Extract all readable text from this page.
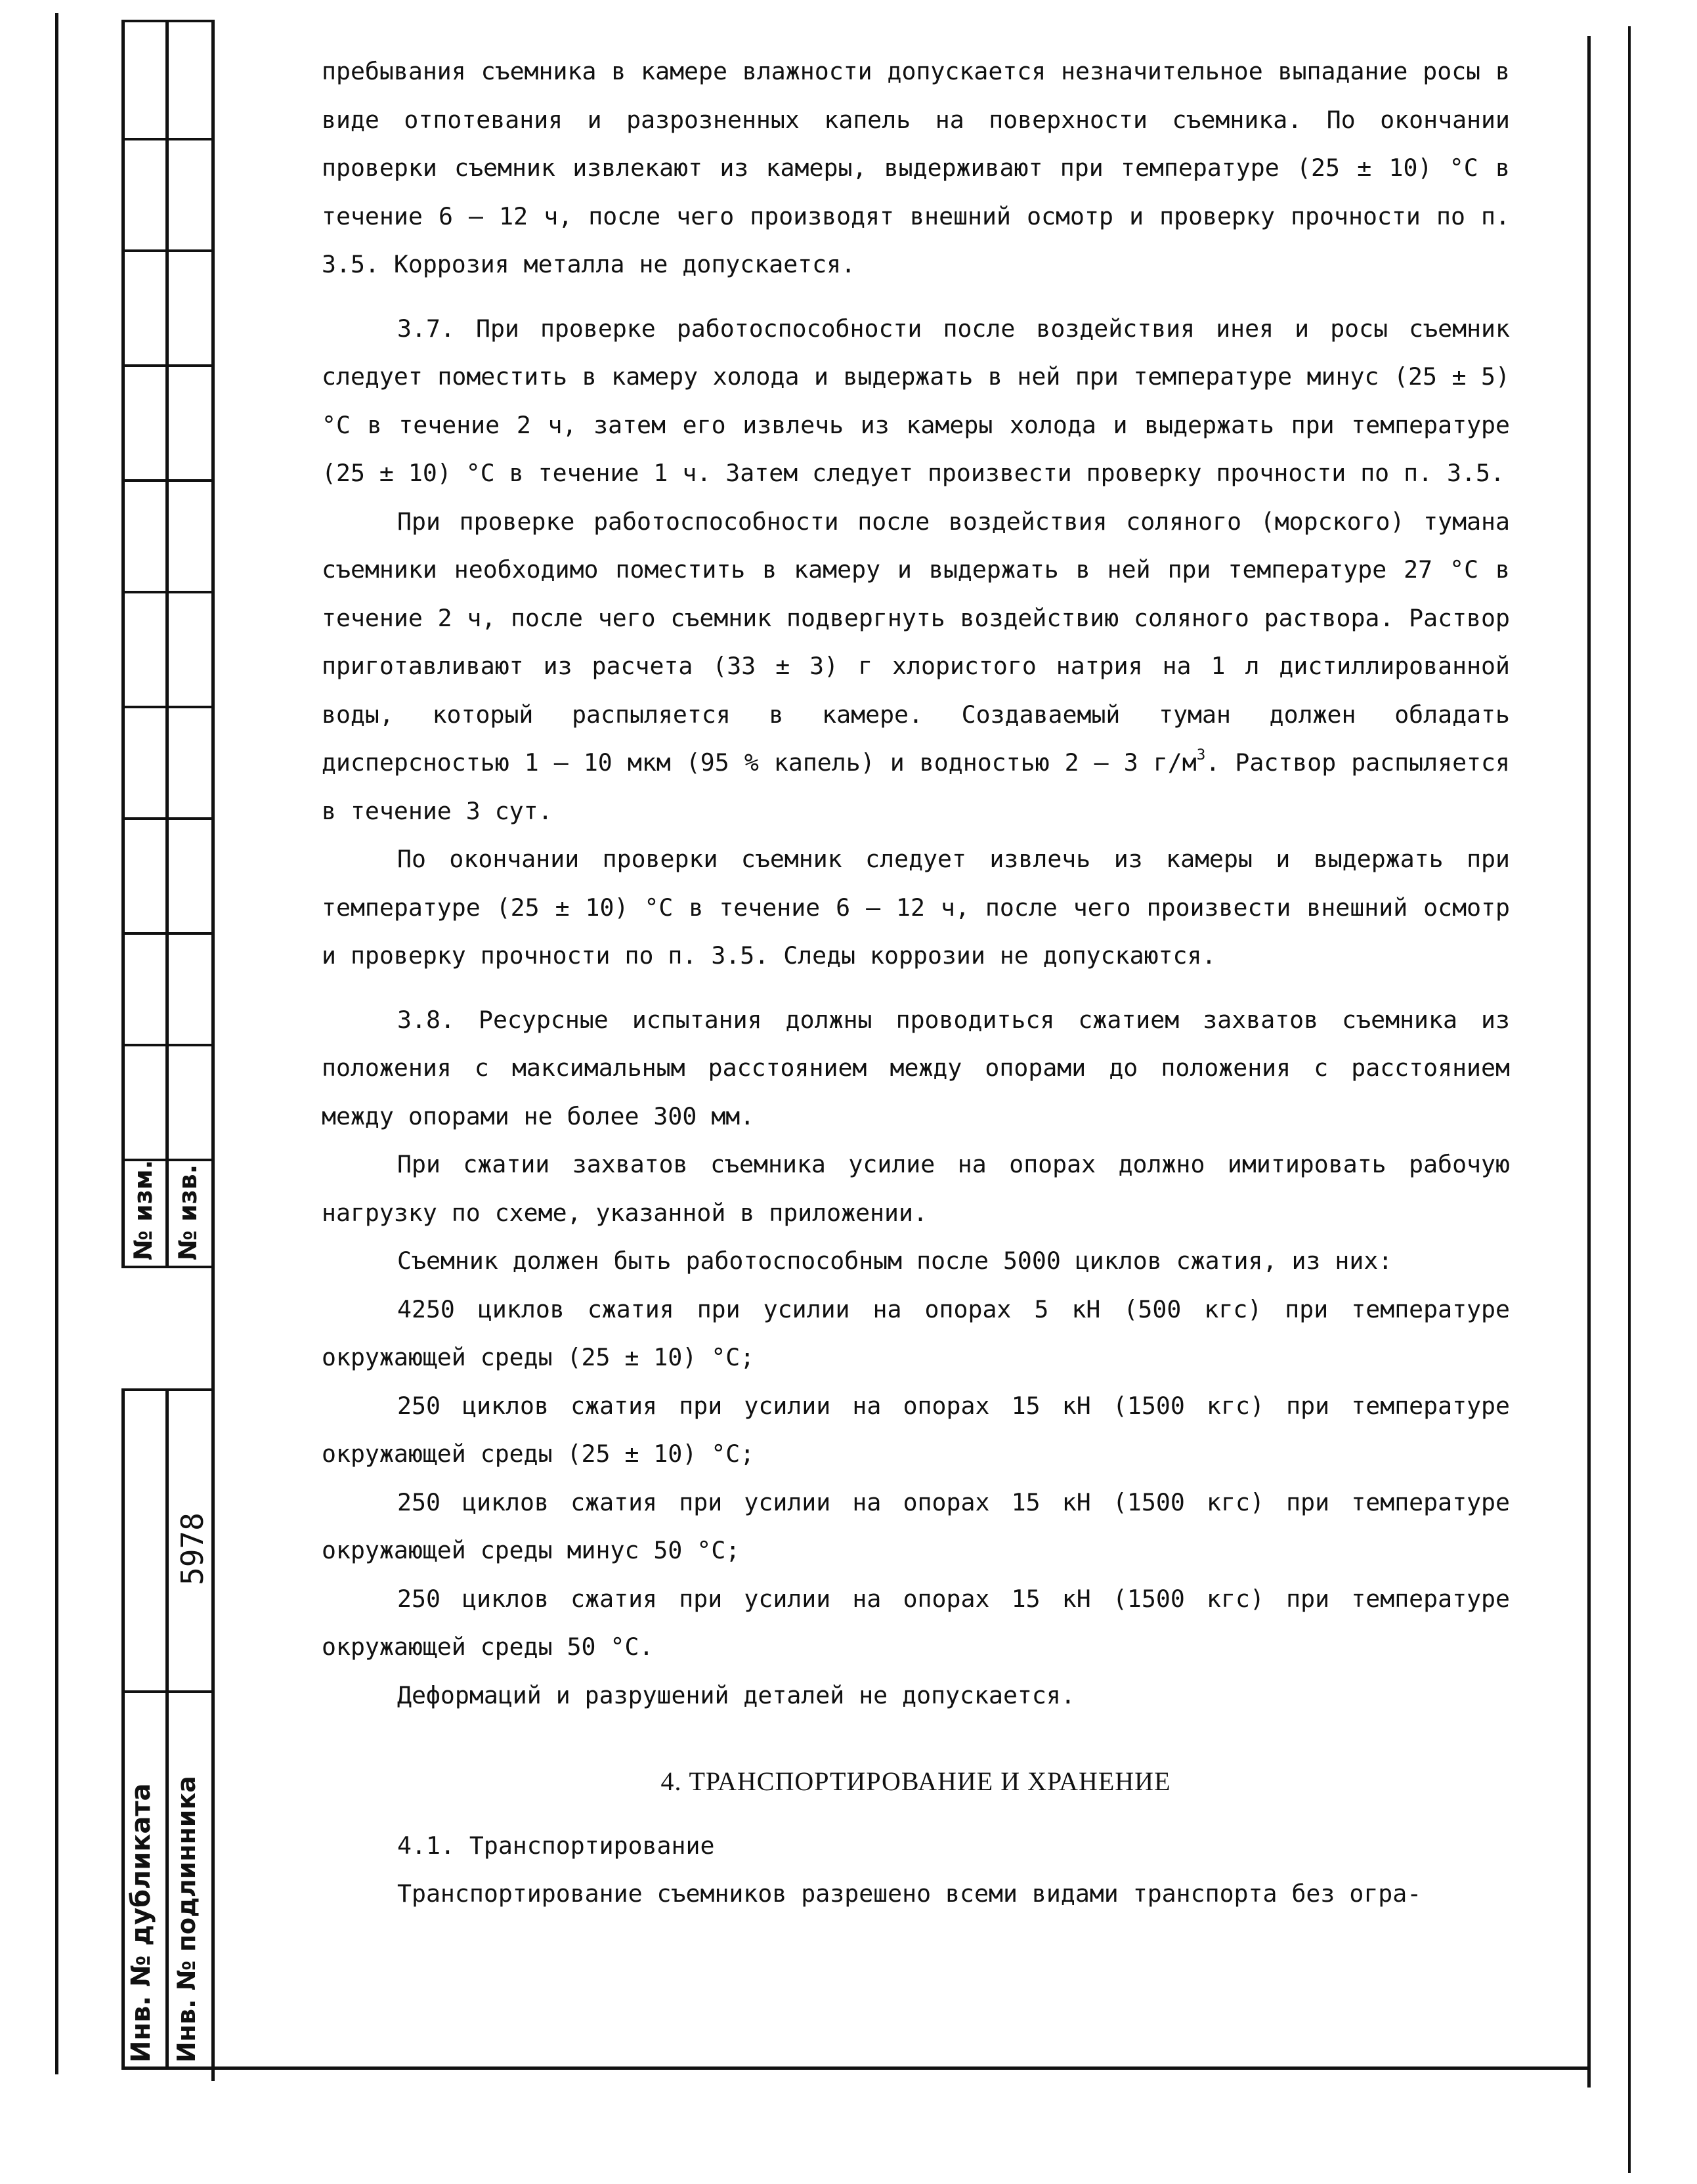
№ изм. № изв.
5978
Инв. № дубликата Инв. № подлинника

пребывания съемника в камере влажности допускается незначительное выпадание росы в виде отпотевания и разрозненных капель на поверхности съемника. По окончании проверки съемник извлекают из камеры, выдерживают при температуре (25 ± 10) °С в течение 6 – 12 ч, после чего производят внешний осмотр и проверку прочности по п. 3.5. Коррозия металла не допускается.

3.7. При проверке работоспособности после воздействия инея и росы съемник следует поместить в камеру холода и выдержать в ней при температуре минус (25 ± 5) °С в течение 2 ч, затем его извлечь из камеры холода и выдержать при температуре (25 ± 10) °С в течение 1 ч. Затем следует произвести проверку прочности по п. 3.5.

При проверке работоспособности после воздействия соляного (морского) тумана съемники необходимо поместить в камеру и выдержать в ней при температуре 27 °С в течение 2 ч, после чего съемник подвергнуть воздействию соляного раствора. Раствор приготавливают из расчета (33 ± 3) г хлористого натрия на 1 л дистиллированной воды, который распыляется в камере. Создаваемый туман должен обладать дисперсностью 1 – 10 мкм (95 % капель) и водностью 2 – 3 $г/м^3$. Раствор распыляется в течение 3 сут.

По окончании проверки съемник следует извлечь из камеры и выдержать при температуре (25 ± 10) °С в течение 6 – 12 ч, после чего произвести внешний осмотр и проверку прочности по п. 3.5. Следы коррозии не допускаются.

3.8. Ресурсные испытания должны проводиться сжатием захватов съемника из положения с максимальным расстоянием между опорами до положения с расстоянием между опорами не более 300 мм.

При сжатии захватов съемника усилие на опорах должно имитировать рабочую нагрузку по схеме, указанной в приложении.

Съемник должен быть работоспособным после 5000 циклов сжатия, из них:

4250 циклов сжатия при усилии на опорах 5 кН (500 кгс) при температуре окружающей среды (25 ± 10) °С;

250 циклов сжатия при усилии на опорах 15 кН (1500 кгс) при температуре окружающей среды (25 ± 10) °С;

250 циклов сжатия при усилии на опорах 15 кН (1500 кгс) при температуре окружающей среды минус 50 °С;

250 циклов сжатия при усилии на опорах 15 кН (1500 кгс) при температуре окружающей среды 50 °С.

Деформаций и разрушений деталей не допускается.

4. ТРАНСПОРТИРОВАНИЕ И ХРАНЕНИЕ

4.1. Транспортирование

Транспортирование съемников разрешено всеми видами транспорта без огра-
